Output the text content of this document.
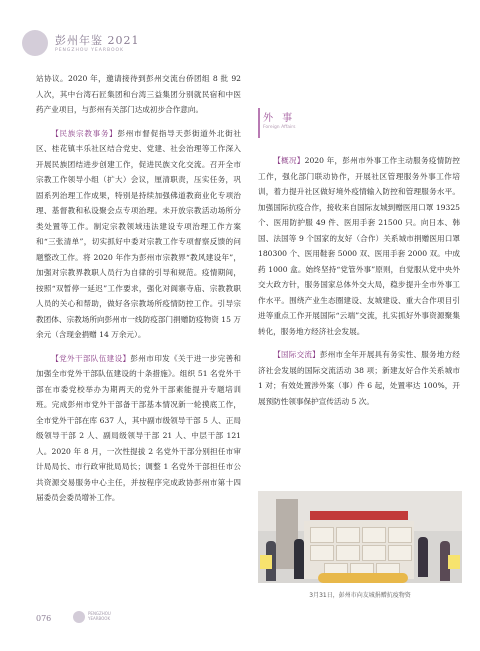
彭州年鉴 2021
PENGZHOU YEARBOOK

站协议。2020 年，邀请接待到彭州交流台侨团组 8 批 92 人次，其中台湾石匠集团和台湾三益集团分别就民宿和中医药产业项目，与彭州有关部门达成初步合作意向。

【民族宗教事务】彭州市督促指导天彭街道外北街社区、桂花镇丰乐社区结合党史、党建、社会治理等工作深入开展民族团结进步创建工作，促进民族文化交流。召开全市宗教工作领导小组（扩大）会议，厘清职责，压实任务，巩固系列治理工作成果，特别是持续加强佛道教商业化专项治理、基督教和私设聚会点专项治理。未开放宗教活动场所分类处置等工作。制定宗教领域违法建设专项治理工作方案和“三张清单”，切实抓好中委对宗教工作专项督察反馈的问题整改工作。将 2020 年作为彭州市宗教界“教风建设年”，加强对宗教界教职人员行为自律的引导和规范。疫情期间，按照“双暂停一延迟”工作要求，强化对阆寨寺庙、宗教教职人员的关心和帮助，做好各宗教场所疫情防控工作。引导宗教团体、宗教场所向彭州市一线防疫部门捐赠防疫物资 15 万余元（含现金捐赠 14 万余元）。

【党外干部队伍建设】彭州市印发《关于进一步完善和加强全市党外干部队伍建设的十条措施》。组织 51 名党外干部在市委党校举办为期两天的党外干部素能提升专题培训班。完成彭州市党外干部备干部基本情况新一轮摸底工作，全市党外干部在库 637 人，其中副市级领导干部 5 人、正局级领导干部 2 人、副局级领导干部 21 人、中层干部 121 人。2020 年 8 月，一次性提拔 2 名党外干部分别担任市审计局局长、市行政审批局局长；调整 1 名党外干部担任市公共资源交易服务中心主任，并按程序完成政协彭州市第十四届委员会委员增补工作。

外 事
Foreign Affairs

【概况】2020 年，彭州市外事工作主动服务疫情防控工作，强化部门联动协作，开展社区管理服务外事工作培训，着力提升社区做好境外疫情输入防控和管理服务水平。加强国际抗疫合作，接收来自国际友城到赠医用口罩 19325 个、医用防护服 49 件、医用手套 21500 只。向日本、韩国、法国等 9 个国家的友好（合作）关系城市捐赠医用口罩 180300 个、医用鞋套 5000 双、医用手套 2000 双。中成药 1000 盒。始终坚持“党管外事”原则，自觉服从党中央外交大政方针，服务国家总体外交大局，稳步提升全市外事工作水平。围绕产业生态圈建设、友城建设、重大合作项目引进等重点工作开展国际“云端”交流，扎实抓好外事资源聚集转化，服务地方经济社会发展。

【国际交流】彭州市全年开展具有务实性、服务地方经济社会发展的国际交流活动 38 项；新建友好合作关系城市 1 对；有效处置涉外案（事）件 6 起，处置率达 100%，开展预防性领事保护宣传活动 5 次。

3月31日，彭州市向友城捐赠抗疫物资
076
PENGZHOU
YEARBOOK
